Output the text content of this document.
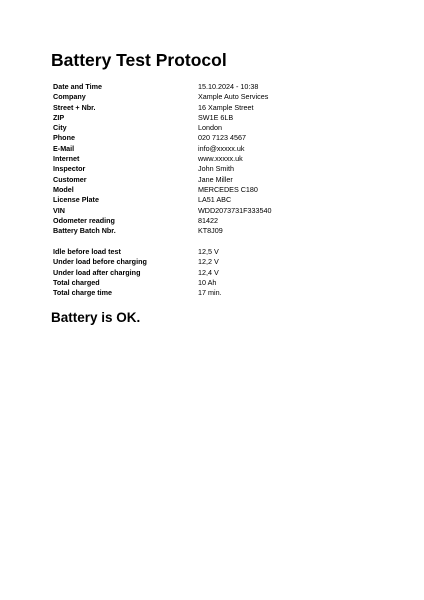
Battery Test Protocol
Date and Time	15.10.2024 - 10:38
Company	Xample Auto Services
Street + Nbr.	16 Xample Street
ZIP	SW1E 6LB
City	London
Phone	020 7123 4567
E-Mail	info@xxxxx.uk
Internet	www.xxxxx.uk
Inspector	John Smith
Customer	Jane Miller
Model	MERCEDES C180
License Plate	LA51 ABC
VIN	WDD2073731F333540
Odometer reading	81422
Battery Batch Nbr.	KT8J09
Idle before load test	12,5 V
Under load before charging	12,2 V
Under load after charging	12,4 V
Total charged	10 Ah
Total charge time	17 min.
Battery is OK.
